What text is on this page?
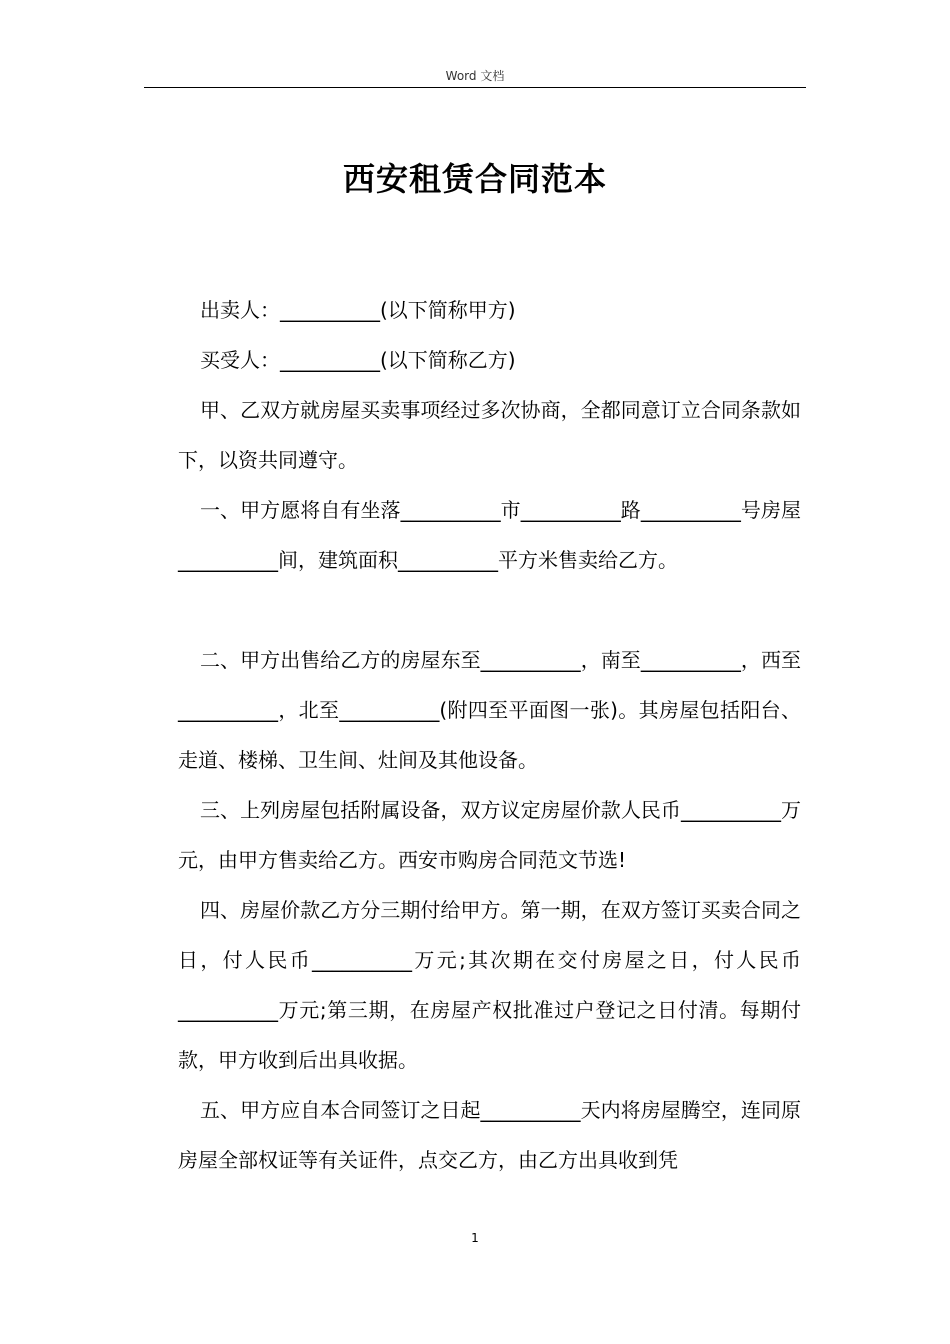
Word 文档
西安租赁合同范本

出卖人：__________(以下简称甲方)

买受人：__________(以下简称乙方)

甲、乙双方就房屋买卖事项经过多次协商，全都同意订立合同条款如下，以资共同遵守。

一、甲方愿将自有坐落__________市__________路__________号房屋__________间，建筑面积__________平方米售卖给乙方。

二、甲方出售给乙方的房屋东至__________，南至__________，西至__________，北至__________(附四至平面图一张)。其房屋包括阳台、走道、楼梯、卫生间、灶间及其他设备。

三、上列房屋包括附属设备，双方议定房屋价款人民币__________万元，由甲方售卖给乙方。西安市购房合同范文节选!

四、房屋价款乙方分三期付给甲方。第一期，在双方签订买卖合同之日，付人民币__________万元;其次期在交付房屋之日，付人民币__________万元;第三期，在房屋产权批准过户登记之日付清。每期付款，甲方收到后出具收据。

五、甲方应自本合同签订之日起__________天内将房屋腾空，连同原房屋全部权证等有关证件，点交乙方，由乙方出具收到凭

1
